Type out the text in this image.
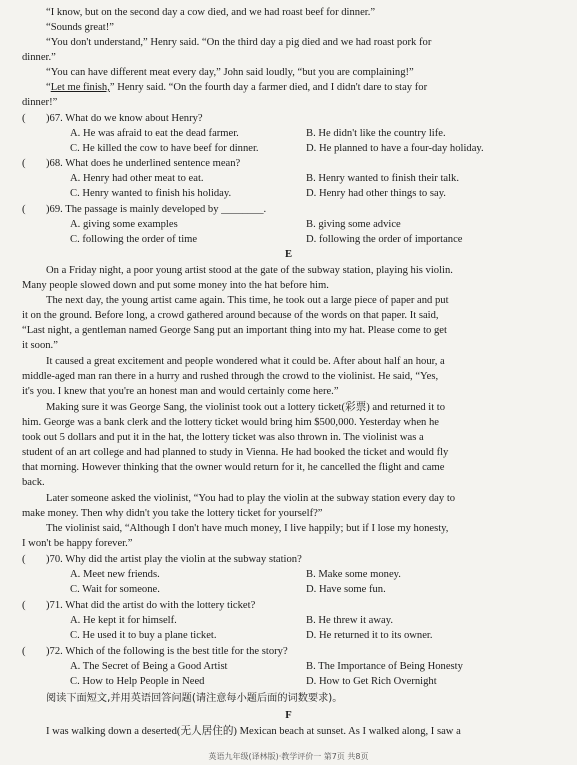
“I know, but on the second day a cow died, and we had roast beef for dinner.”
“Sounds great!”
“You don't understand,” Henry said. “On the third day a pig died and we had roast pork for
dinner.”
“You can have different meat every day,” John said loudly, “but you are complaining!”
“Let me finish,” Henry said. “On the fourth day a farmer died, and I didn't dare to stay for
dinner!”
( )67. What do we know about Henry?
A. He was afraid to eat the dead farmer.	B. He didn't like the country life.
C. He killed the cow to have beef for dinner.	D. He planned to have a four-day holiday.
( )68. What does he underlined sentence mean?
A. Henry had other meat to eat.	B. Henry wanted to finish their talk.
C. Henry wanted to finish his holiday.	D. Henry had other things to say.
( )69. The passage is mainly developed by ________.
A. giving some examples	B. giving some advice
C. following the order of time	D. following the order of importance
E
On a Friday night, a poor young artist stood at the gate of the subway station, playing his violin.
Many people slowed down and put some money into the hat before him.
The next day, the young artist came again. This time, he took out a large piece of paper and put
it on the ground. Before long, a crowd gathered around because of the words on that paper. It said,
“Last night, a gentleman named George Sang put an important thing into my hat. Please come to get
it soon.”
It caused a great excitement and people wondered what it could be. After about half an hour, a
middle-aged man ran there in a hurry and rushed through the crowd to the violinist. He said, “Yes,
it's you. I knew that you're an honest man and would certainly come here.”
Making sure it was George Sang, the violinist took out a lottery ticket(彩票) and returned it to
him. George was a bank clerk and the lottery ticket would bring him $500,000. Yesterday when he
took out 5 dollars and put it in the hat, the lottery ticket was also thrown in. The violinist was a
student of an art college and had planned to study in Vienna. He had booked the ticket and would fly
that morning. However thinking that the owner would return for it, he cancelled the flight and came
back.
Later someone asked the violinist, “You had to play the violin at the subway station every day to
make money. Then why didn't you take the lottery ticket for yourself?”
The violinist said, “Although I don't have much money, I live happily; but if I lose my honesty,
I won't be happy forever.”
( )70. Why did the artist play the violin at the subway station?
A. Meet new friends.	B. Make some money.
C. Wait for someone.	D. Have some fun.
( )71. What did the artist do with the lottery ticket?
A. He kept it for himself.	B. He threw it away.
C. He used it to buy a plane ticket.	D. He returned it to its owner.
( )72. Which of the following is the best title for the story?
A. The Secret of Being a Good Artist	B. The Importance of Being Honesty
C. How to Help People in Need	D. How to Get Rich Overnight
阅读下面短文,并用英语回答问题(请注意每小题后面的词数要求)。
F
I was walking down a deserted(无人居住的) Mexican beach at sunset. As I walked along, I saw a
英语九年级(译林版)·教学评价一 第7页 共8页
